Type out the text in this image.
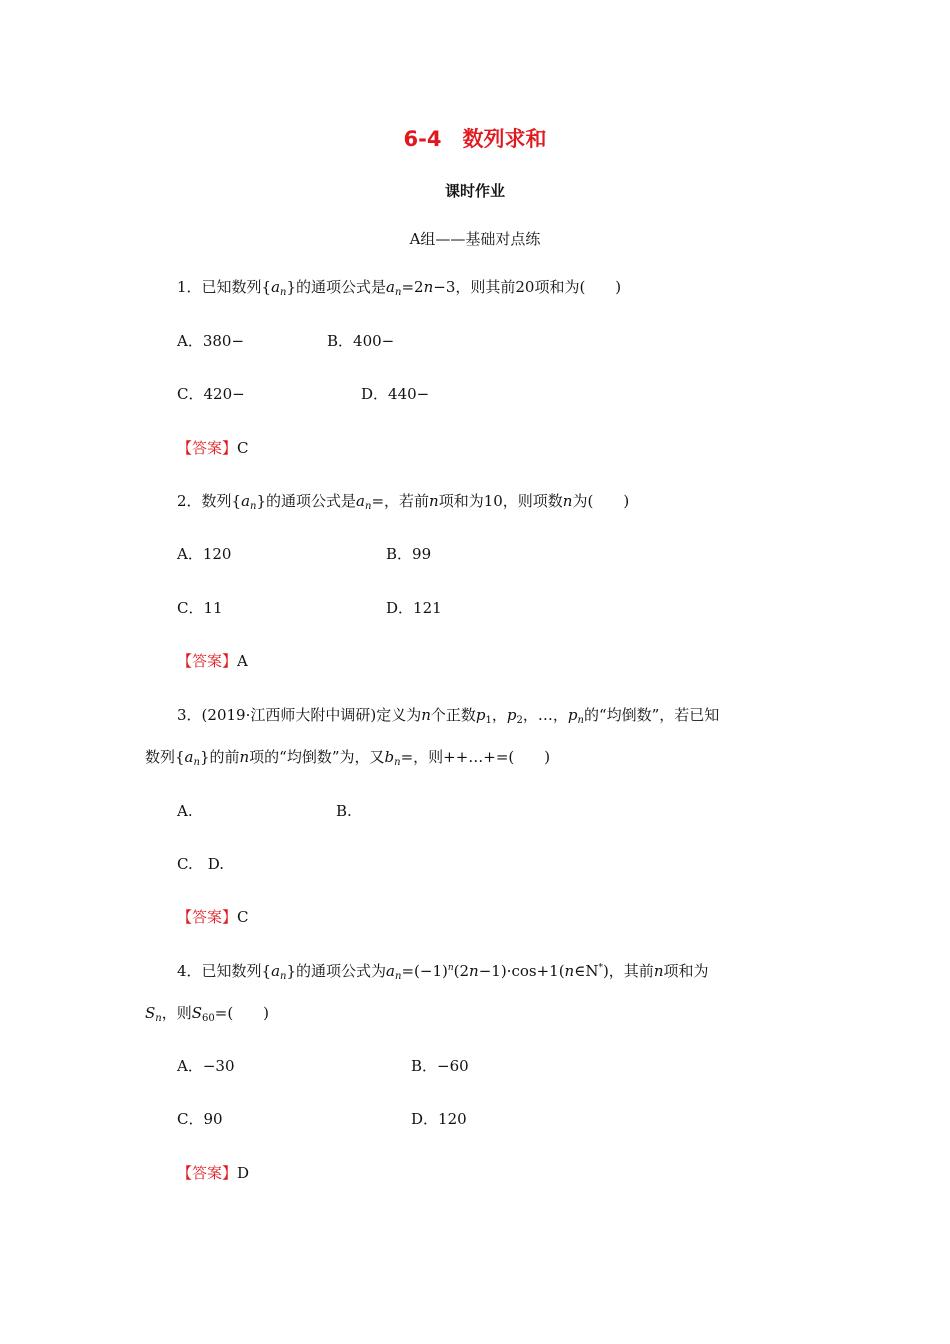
6-4　数列求和
课时作业
A组——基础对点练
1．已知数列$\{a_n\}$的通项公式是$a_n=2n-3$，则其前20项和为(　　)
A．380−	B．400−
C．420−	D．440−
【答案】C
2．数列$\{a_n\}$的通项公式是$a_n=$，若前n项和为10，则项数n为(　　)
A．120	B．99
C．11	D．121
【答案】A
3．(2019·江西师大附中调研)定义为n个正数$p_1$，$p_2$，…，$p_n$的“均倒数”，若已知
数列$\{a_n\}$的前n项的“均倒数”为，又$b_n=$，则++…+=(　　)
A.	B.
C.　D.
【答案】C
4．已知数列$\{a_n\}$的通项公式为$a_n=(-1)^n(2n-1)\cdot\cos+1(n\in N^*)$，其前n项和为
$S_n$，则$S_{60}=$(　　)
A．−30	B．−60
C．90	D．120
【答案】D
